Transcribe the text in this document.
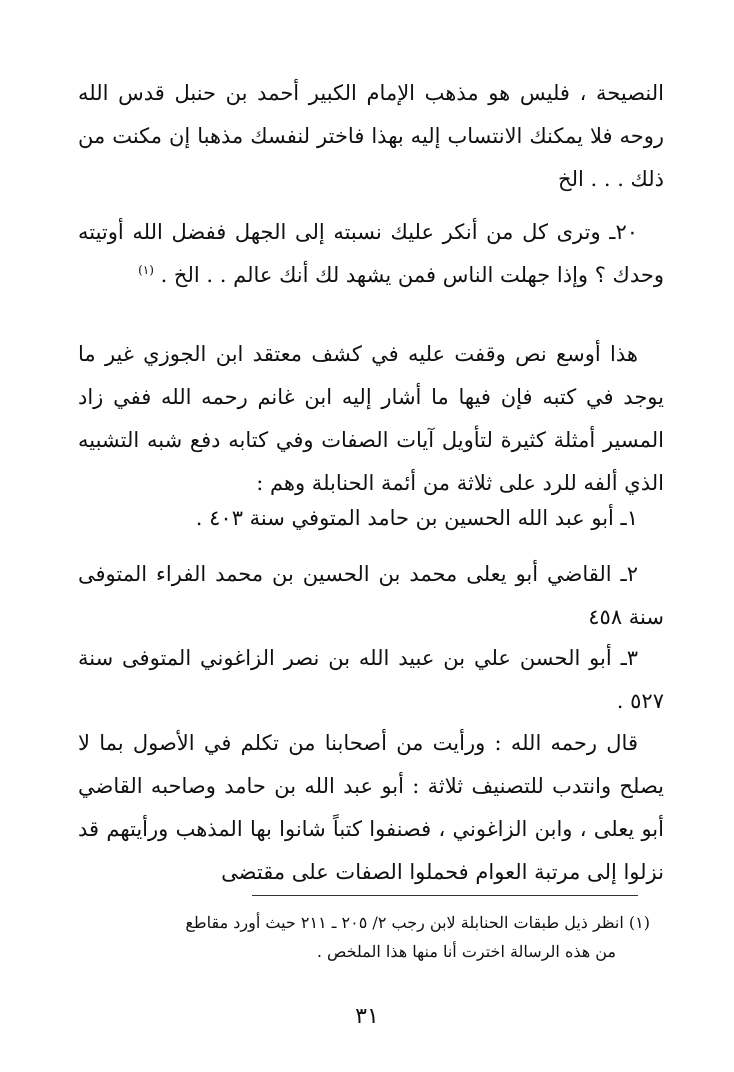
النصيحة ، فليس هو مذهب الإمام الكبير أحمد بن حنبل قدس الله روحه فلا يمكنك الانتساب إليه بهذا فاختر لنفسك مذهبا إن مكنت من ذلك . . . الخ

٢٠ـ وترى كل من أنكر عليك نسبته إلى الجهل ففضل الله أوتيته وحدك ؟ وإذا جهلت الناس فمن يشهد لك أنك عالم . . الخ . $^{(١)}$

هذا أوسع نص وقفت عليه في كشف معتقد ابن الجوزي غير ما يوجد في كتبه فإن فيها ما أشار إليه ابن غانم رحمه الله ففي زاد المسير أمثلة كثيرة لتأويل آيات الصفات وفي كتابه دفع شبه التشبيه الذي ألفه للرد على ثلاثة من أئمة الحنابلة وهم :

١ـ أبو عبد الله الحسين بن حامد المتوفي سنة ٤٠٣ .

٢ـ القاضي أبو يعلى محمد بن الحسين بن محمد الفراء المتوفى سنة ٤٥٨

٣ـ أبو الحسن علي بن عبيد الله بن نصر الزاغوني المتوفى سنة ٥٢٧ .

قال رحمه الله : ورأيت من أصحابنا من تكلم في الأصول بما لا يصلح وانتدب للتصنيف ثلاثة : أبو عبد الله بن حامد وصاحبه القاضي أبو يعلى ، وابن الزاغوني ، فصنفوا كتباً شانوا بها المذهب ورأيتهم قد نزلوا إلى مرتبة العوام فحملوا الصفات على مقتضى

(١) انظر ذيل طبقات الحنابلة لابن رجب ٢/ ٢٠٥ ـ ٢١١ حيث أورد مقاطع
من هذه الرسالة اخترت أنا منها هذا الملخص .
٣١
